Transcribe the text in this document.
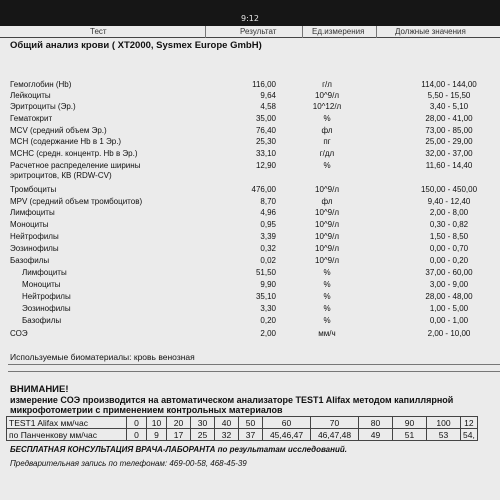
9:12
Тест	Результат	Ед.измерения	Должные значения
Общий анализ крови ( XT2000, Sysmex Europe GmbH)
Гемоглобин (Hb)	116,00	г/л	114,00 - 144,00
Лейкоциты	9,64	10^9/л	5,50 - 15,50
Эритроциты (Эр.)	4,58	10^12/л	3,40 - 5,10
Гематокрит	35,00	%	28,00 - 41,00
MCV (средний объем Эр.)	76,40	фл	73,00 - 85,00
МСН (содержание Hb в 1 Эр.)	25,30	пг	25,00 - 29,00
МСНС (средн. концентр. Hb в Эр.)	33,10	г/дл	32,00 - 37,00
Расчетное распределение ширины
эритроцитов, КВ (RDW-CV)
12,90	%	11,60 - 14,40
Тромбоциты	476,00	10^9/л	150,00 - 450,00
MPV (средний объем тромбоцитов)	8,70	фл	9,40 - 12,40
Лимфоциты	4,96	10^9/л	2,00 - 8,00
Моноциты	0,95	10^9/л	0,30 - 0,82
Нейтрофилы	3,39	10^9/л	1,50 - 8,50
Эозинофилы	0,32	10^9/л	0,00 - 0,70
Базофилы	0,02	10^9/л	0,00 - 0,20
Лимфоциты	51,50	%	37,00 - 60,00
Моноциты	9,90	%	3,00 - 9,00
Нейтрофилы	35,10	%	28,00 - 48,00
Эозинофилы	3,30	%	1,00 - 5,00
Базофилы	0,20	%	0,00 - 1,00
СОЭ	2,00	мм/ч	2,00 - 10,00
Используемые биоматериалы: кровь венозная
ВНИМАНИЕ!
измерение СОЭ производится на автоматическом анализаторе TEST1 Alifax методом капиллярной
микрофотометрии с применением контрольных материалов
TEST1 Alifax мм/час	0	10	20	30	40	50	60	70	80	90	100	12
по Панченкову мм/час	0	9	17	25	32	37	45,46,47	46,47,48	49	51	53	54,
БЕСПЛАТНАЯ КОНСУЛЬТАЦИЯ ВРАЧА-ЛАБОРАНТА по результатам исследований.
Предварительная запись по телефонам: 469-00-58, 468-45-39
